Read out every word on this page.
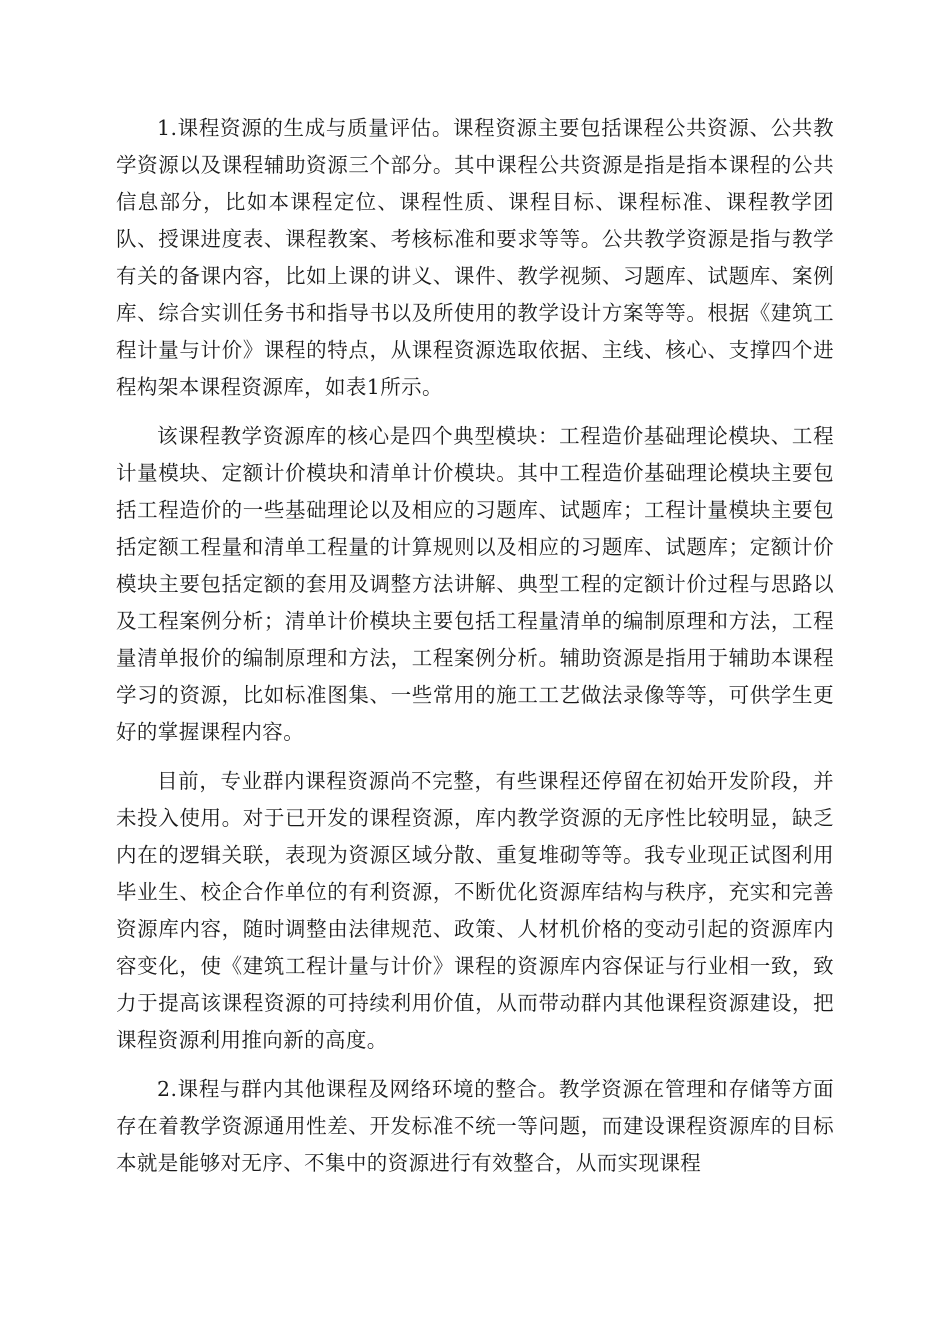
1.课程资源的生成与质量评估。课程资源主要包括课程公共资源、公共教学资源以及课程辅助资源三个部分。其中课程公共资源是指是指本课程的公共信息部分，比如本课程定位、课程性质、课程目标、课程标准、课程教学团队、授课进度表、课程教案、考核标准和要求等等。公共教学资源是指与教学有关的备课内容，比如上课的讲义、课件、教学视频、习题库、试题库、案例库、综合实训任务书和指导书以及所使用的教学设计方案等等。根据《建筑工程计量与计价》课程的特点，从课程资源选取依据、主线、核心、支撑四个进程构架本课程资源库，如表1所示。

该课程教学资源库的核心是四个典型模块：工程造价基础理论模块、工程计量模块、定额计价模块和清单计价模块。其中工程造价基础理论模块主要包括工程造价的一些基础理论以及相应的习题库、试题库；工程计量模块主要包括定额工程量和清单工程量的计算规则以及相应的习题库、试题库；定额计价模块主要包括定额的套用及调整方法讲解、典型工程的定额计价过程与思路以及工程案例分析；清单计价模块主要包括工程量清单的编制原理和方法，工程量清单报价的编制原理和方法，工程案例分析。辅助资源是指用于辅助本课程学习的资源，比如标准图集、一些常用的施工工艺做法录像等等，可供学生更好的掌握课程内容。

目前，专业群内课程资源尚不完整，有些课程还停留在初始开发阶段，并未投入使用。对于已开发的课程资源，库内教学资源的无序性比较明显，缺乏内在的逻辑关联，表现为资源区域分散、重复堆砌等等。我专业现正试图利用毕业生、校企合作单位的有利资源，不断优化资源库结构与秩序，充实和完善资源库内容，随时调整由法律规范、政策、人材机价格的变动引起的资源库内容变化，使《建筑工程计量与计价》课程的资源库内容保证与行业相一致，致力于提高该课程资源的可持续利用价值，从而带动群内其他课程资源建设，把课程资源利用推向新的高度。

2.课程与群内其他课程及网络环境的整合。教学资源在管理和存储等方面存在着教学资源通用性差、开发标准不统一等问题，而建设课程资源库的目标本就是能够对无序、不集中的资源进行有效整合，从而实现课程
